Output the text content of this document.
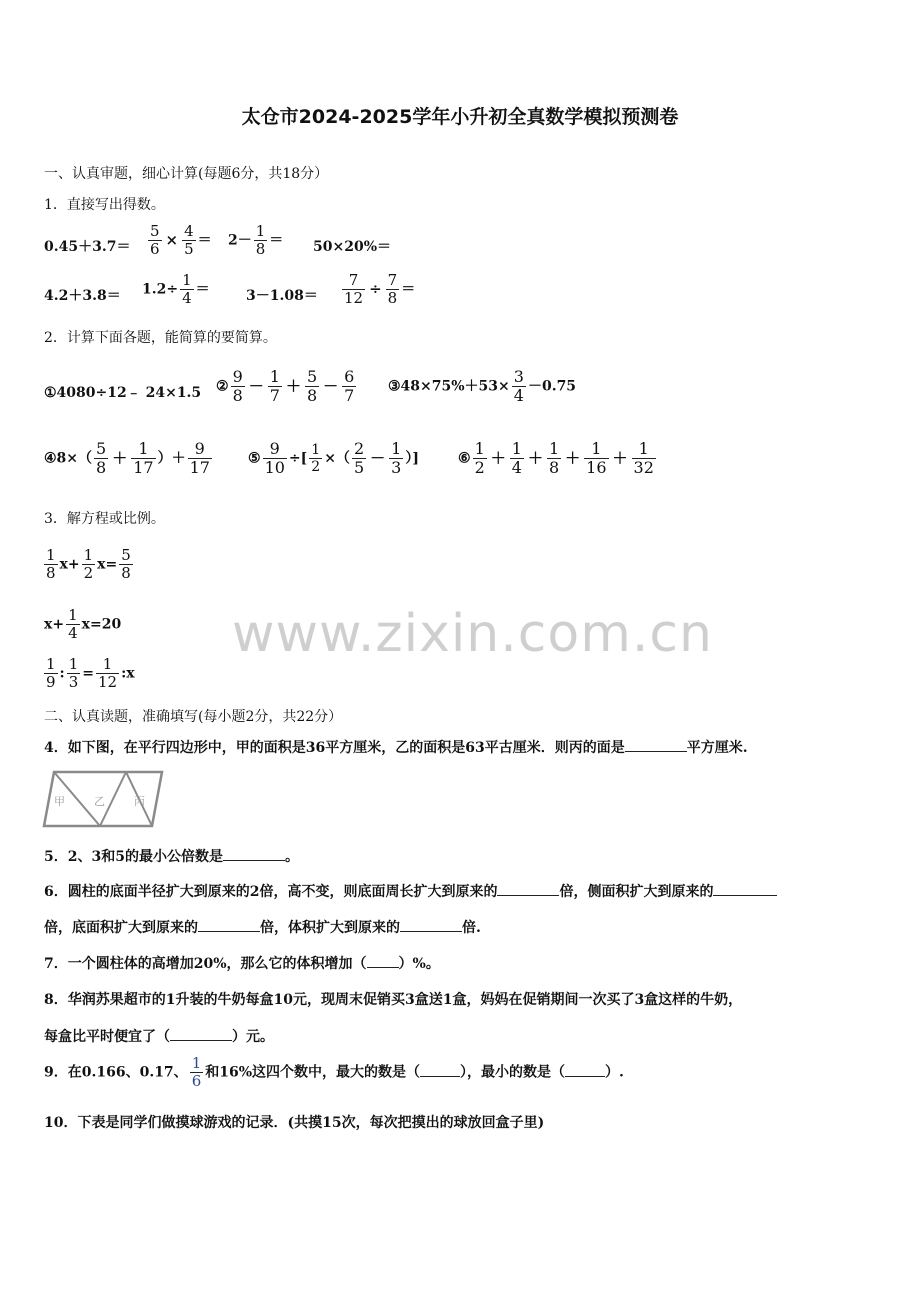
太仓市2024-2025学年小升初全真数学模拟预测卷
www.zixin.com.cn
一、认真审题，细心计算(每题6分，共18分）
1．直接写出得数。
$0.45+3.7= \frac{5}{6} \times \frac{4}{5} = 2- \frac{1}{8} = 50\times 20\%=$
$4.2+3.8= 1.2\div \frac{1}{4}$ ＝	$3-1.08= \frac{7}{12} \div \frac{7}{8}$ ＝
2．计算下面各题，能简算的要简算。
①4080÷12﹣ 24×1.5 ② $\frac{9}{8} - \frac{1}{7} + \frac{5}{8} - \frac{6}{7}$ ③48×75%＋53× $\frac{3}{4} -0.75$
④8×（ $\frac{5}{8} + \frac{1}{17}$ ）＋ $\frac{9}{17}$	⑤ $\frac{9}{10}$ ÷[ $\frac{1}{2}$ ×（ $\frac{2}{5} - \frac{1}{3}$ ）]	⑥ $\frac{1}{2} + \frac{1}{4} + \frac{1}{8} + \frac{1}{16} + \frac{1}{32}$
3．解方程或比例。
$\frac{1}{8} x+ \frac{1}{2} x= \frac{5}{8}$
$x+ \frac{1}{4} x=20$
$\frac{1}{9}$ : $\frac{1}{3} = \frac{1}{12}$ :x
二、认真读题，准确填写(每小题2分，共22分）
4．如下图，在平行四边形中，甲的面积是36平方厘米，乙的面积是63平古厘米．则丙的面是	平方厘米.
甲	乙	丙
5．2、3和5的最小公倍数是	。
6．圆柱的底面半径扩大到原来的2倍，高不变，则底面周长扩大到原来的	倍，侧面积扩大到原来的
倍，底面积扩大到原来的	倍，体积扩大到原来的	倍.
7．一个圆柱体的高增加20%，那么它的体积增加（ ）%。
8．华润苏果超市的1升装的牛奶每盒10元，现周末促销买3盒送1盒，妈妈在促销期间一次买了3盒这样的牛奶，
每盒比平时便宜了（	）元。
9．在0.166、0.17、 $\frac{1}{6}$ 和16%这四个数中，最大的数是（	），最小的数是（	）.
10．下表是同学们做摸球游戏的记录．(共摸15次，每次把摸出的球放回盒子里)
